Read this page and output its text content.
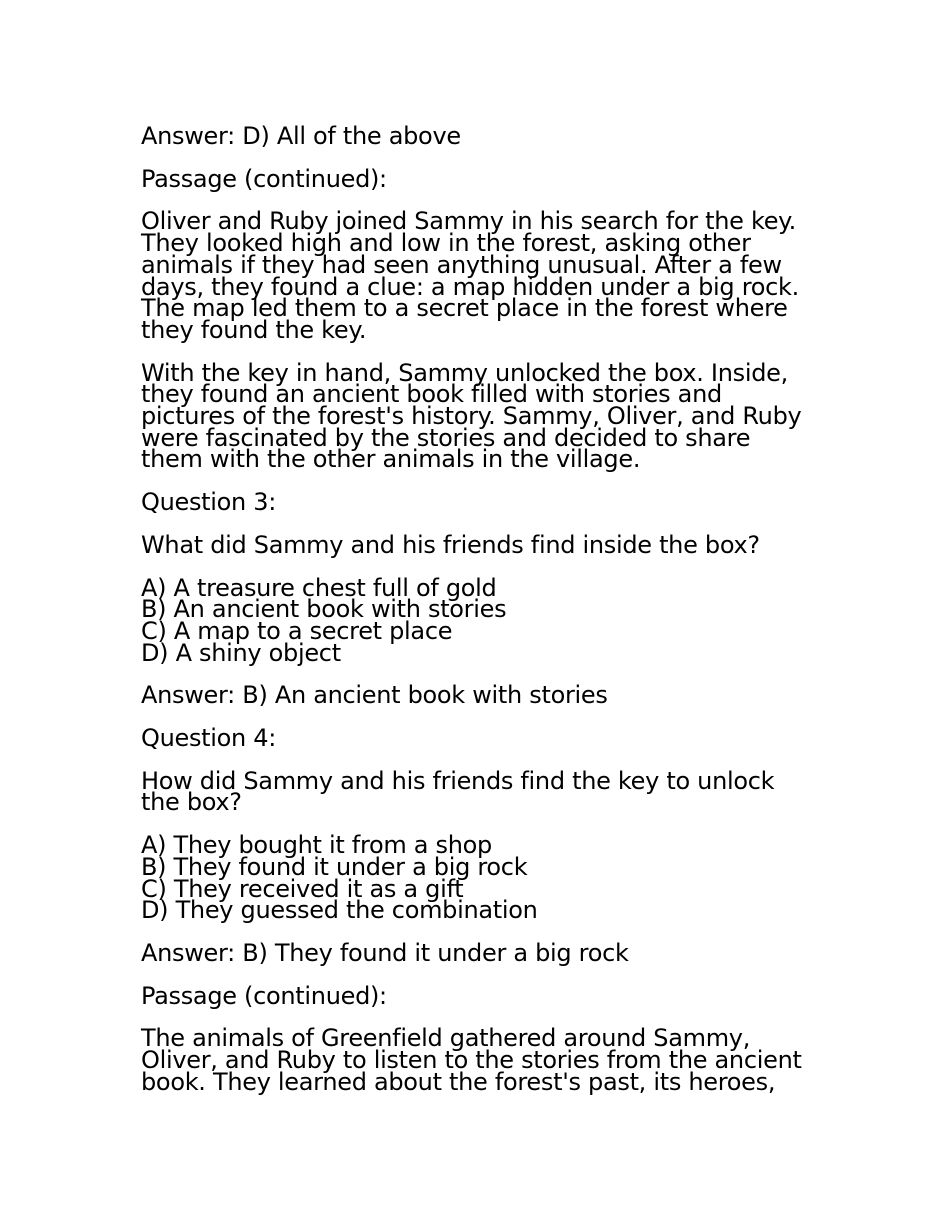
Answer: D) All of the above

Passage (continued):

Oliver and Ruby joined Sammy in his search for the key.
They looked high and low in the forest, asking other
animals if they had seen anything unusual. After a few
days, they found a clue: a map hidden under a big rock.
The map led them to a secret place in the forest where
they found the key.

With the key in hand, Sammy unlocked the box. Inside,
they found an ancient book filled with stories and
pictures of the forest's history. Sammy, Oliver, and Ruby
were fascinated by the stories and decided to share
them with the other animals in the village.

Question 3:

What did Sammy and his friends find inside the box?

A) A treasure chest full of gold
B) An ancient book with stories
C) A map to a secret place
D) A shiny object

Answer: B) An ancient book with stories

Question 4:

How did Sammy and his friends find the key to unlock
the box?

A) They bought it from a shop
B) They found it under a big rock
C) They received it as a gift
D) They guessed the combination

Answer: B) They found it under a big rock

Passage (continued):

The animals of Greenfield gathered around Sammy,
Oliver, and Ruby to listen to the stories from the ancient
book. They learned about the forest's past, its heroes,
